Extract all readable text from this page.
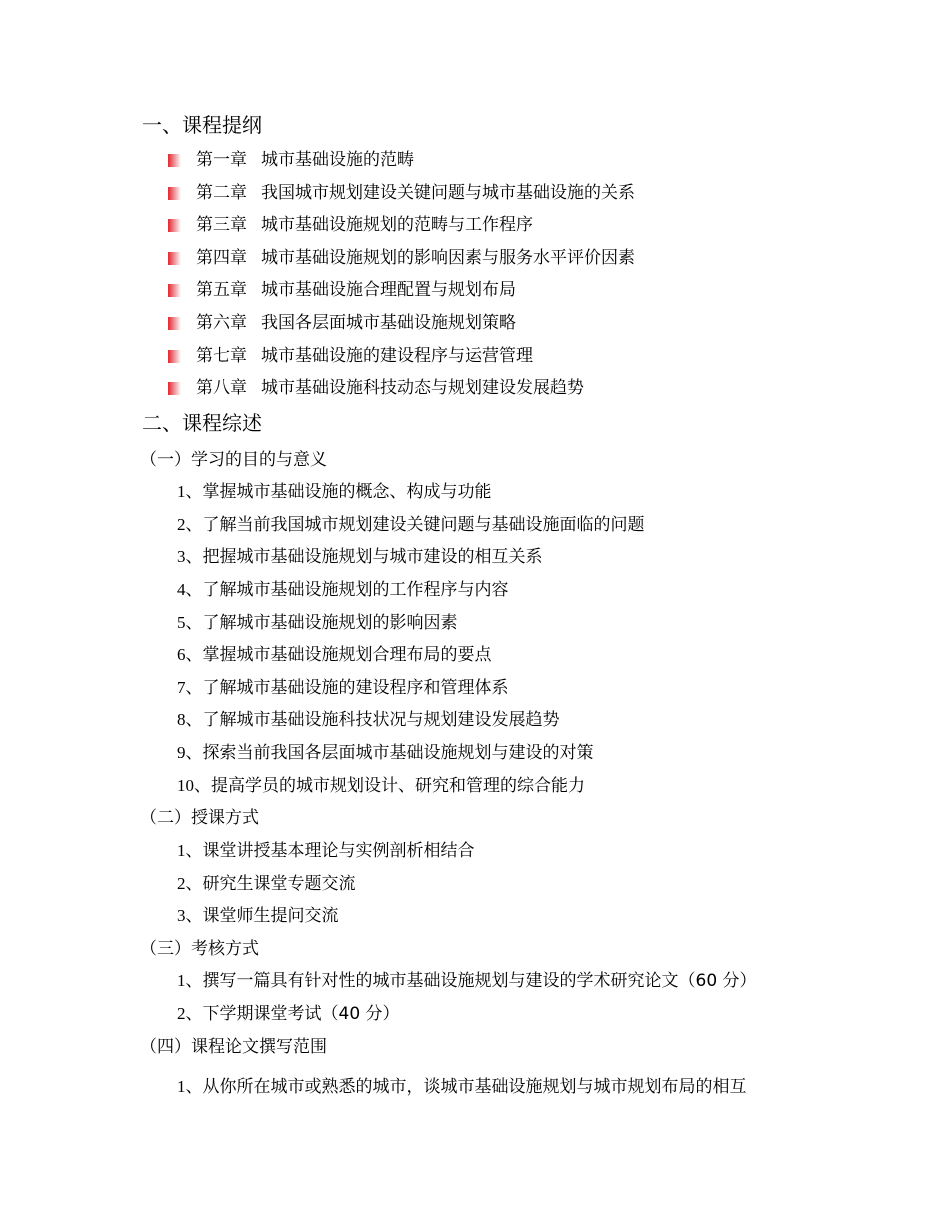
一、课程提纲
第一章 城市基础设施的范畴
第二章 我国城市规划建设关键问题与城市基础设施的关系
第三章 城市基础设施规划的范畴与工作程序
第四章 城市基础设施规划的影响因素与服务水平评价因素
第五章 城市基础设施合理配置与规划布局
第六章 我国各层面城市基础设施规划策略
第七章 城市基础设施的建设程序与运营管理
第八章 城市基础设施科技动态与规划建设发展趋势
二、课程综述
（一）学习的目的与意义
1、掌握城市基础设施的概念、构成与功能
2、了解当前我国城市规划建设关键问题与基础设施面临的问题
3、把握城市基础设施规划与城市建设的相互关系
4、了解城市基础设施规划的工作程序与内容
5、了解城市基础设施规划的影响因素
6、掌握城市基础设施规划合理布局的要点
7、了解城市基础设施的建设程序和管理体系
8、了解城市基础设施科技状况与规划建设发展趋势
9、探索当前我国各层面城市基础设施规划与建设的对策
10、提高学员的城市规划设计、研究和管理的综合能力
（二）授课方式
1、课堂讲授基本理论与实例剖析相结合
2、研究生课堂专题交流
3、课堂师生提问交流
（三）考核方式
1、撰写一篇具有针对性的城市基础设施规划与建设的学术研究论文（60 分）
2、下学期课堂考试（40 分）
（四）课程论文撰写范围
1、从你所在城市或熟悉的城市，谈城市基础设施规划与城市规划布局的相互
